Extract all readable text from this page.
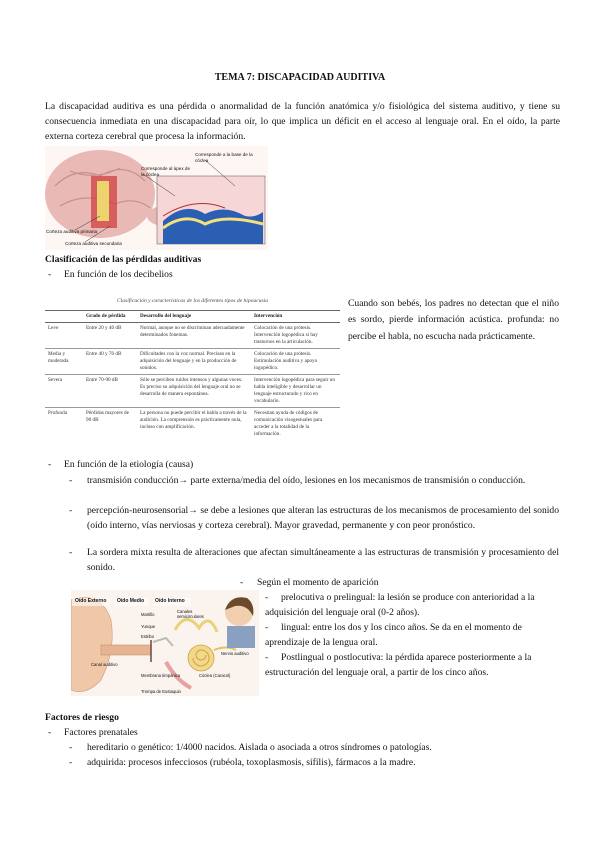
TEMA 7: DISCAPACIDAD AUDITIVA
La discapacidad auditiva es una pérdida o anormalidad de la función anatómica y/o fisiológica del sistema auditivo, y tiene su consecuencia inmediata en una discapacidad para oír, lo que implica un déficit en el acceso al lenguaje oral. En el oído, la parte externa corteza cerebral que procesa la información.
Corresponde a la base de la cóclea
Corresponde al ápex de la cóclea
Corteza auditiva primaria
Corteza auditiva secundaria
Clasificación de las pérdidas auditivas
- En función de los decibelios
Clasificación y características de los diferentes tipos de hipoacusia
	Grado de pérdida	Desarrollo del lenguaje	Intervención
Leve	Entre 20 y 40 dB	Normal, aunque no se discriminan adecuadamente determinados fonemas.	Colocación de una prótesis. Intervención logopédica si hay trastornos en la articulación.
Media y moderada	Entre 40 y 70 dB	Dificultades con la voz normal. Precisan en la adquisición del lenguaje y en la producción de sonidos.	Colocación de una prótesis. Estimulación auditiva y apoyo logopédico.
Severa	Entre 70-90 dB	Sólo se perciben ruidos intensos y algunas voces. Es preciso su adquisición del lenguaje oral no se desarrolla de manera espontánea.	Intervención logopédica para seguir un habla inteligible y desarrollar un lenguaje estructurado y rico en vocabulario.
Profunda	Pérdidas mayores de 90 dB	La persona no puede percibir el habla a través de la audición. La comprensión es prácticamente nula, incluso con amplificación.	Necesitan ayuda de códigos de comunicación visogestuales para acceder a la totalidad de la información.
Cuando son bebés, los padres no detectan que el niño es sordo, pierde información acústica. profunda: no percibe el habla, no escucha nada prácticamente.
- En función de la etiología (causa)
- transmisión conducción→ parte externa/media del oído, lesiones en los mecanismos de transmisión o conducción.
- percepción-neurosensorial→ se debe a lesiones que alteran las estructuras de los mecanismos de procesamiento del sonido (oído interno, vías nerviosas y corteza cerebral). Mayor gravedad, permanente y con peor pronóstico.
- La sordera mixta resulta de alteraciones que afectan simultáneamente a las estructuras de transmisión y procesamiento del sonido.
- Según el momento de aparición
-	prelocutiva o prelingual: la lesión se produce con anterioridad a la adquisición del lenguaje oral (0-2 años).
-	lingual: entre los dos y los cinco años. Se da en el momento de aprendizaje de la lengua oral.
-	Postlingual o postlocutiva: la pérdida aparece posteriormente a la estructuración del lenguaje oral, a partir de los cinco años.
Oído Externo Oído Medio Oído Interno
Martillo
Yunque
Estribo
Canales semicirculares
Nervio auditivo
Cóclea (Caracol)
Canal auditivo
Membrana timpánica
Trompa de Eustaquio
Factores de riesgo
- Factores prenatales
- hereditario o genético: 1/4000 nacidos. Aislada o asociada a otros síndromes o patologías.
- adquirida: procesos infecciosos (rubéola, toxoplasmosis, sífilis), fármacos a la madre.
